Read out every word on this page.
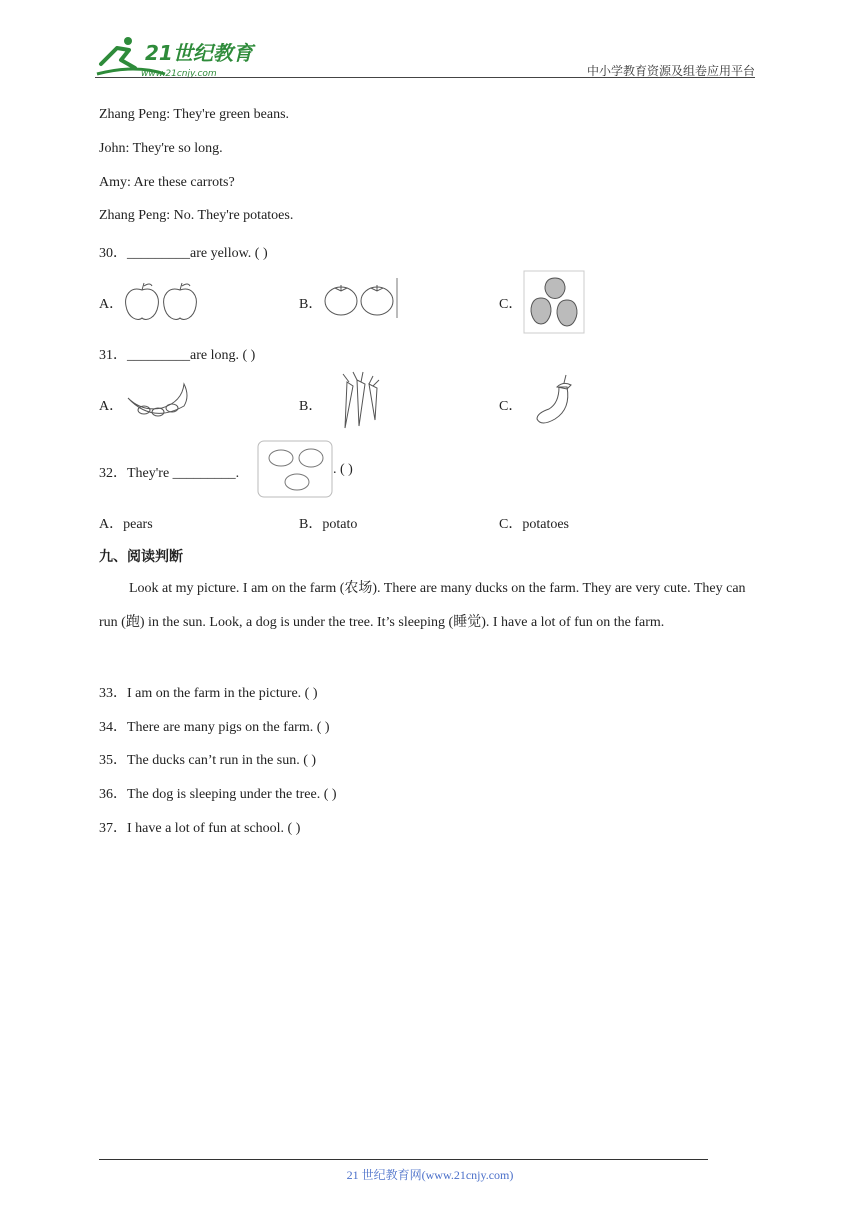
21世纪教育
www.21cnjy.com	中小学教育资源及组卷应用平台
Zhang Peng: They're green beans.
John: They're so long.
Amy: Are these carrots?
Zhang Peng: No. They're potatoes.
30．_________are yellow. ( )
A．	B．	C．
31．_________are long. ( )
A．	B．	C．
32．They're _________.	. ( )
A．pears	B．potato	C．potatoes
九、阅读判断

Look at my picture. I am on the farm (农场). There are many ducks on the farm. They are very cute. They can run (跑) in the sun. Look, a dog is under the tree. It’s sleeping (睡觉). I have a lot of fun on the farm.

33．I am on the farm in the picture. ( )
34．There are many pigs on the farm. ( )
35．The ducks can’t run in the sun. ( )
36．The dog is sleeping under the tree. ( )
37．I have a lot of fun at school. ( )
21 世纪教育网(www.21cnjy.com)
